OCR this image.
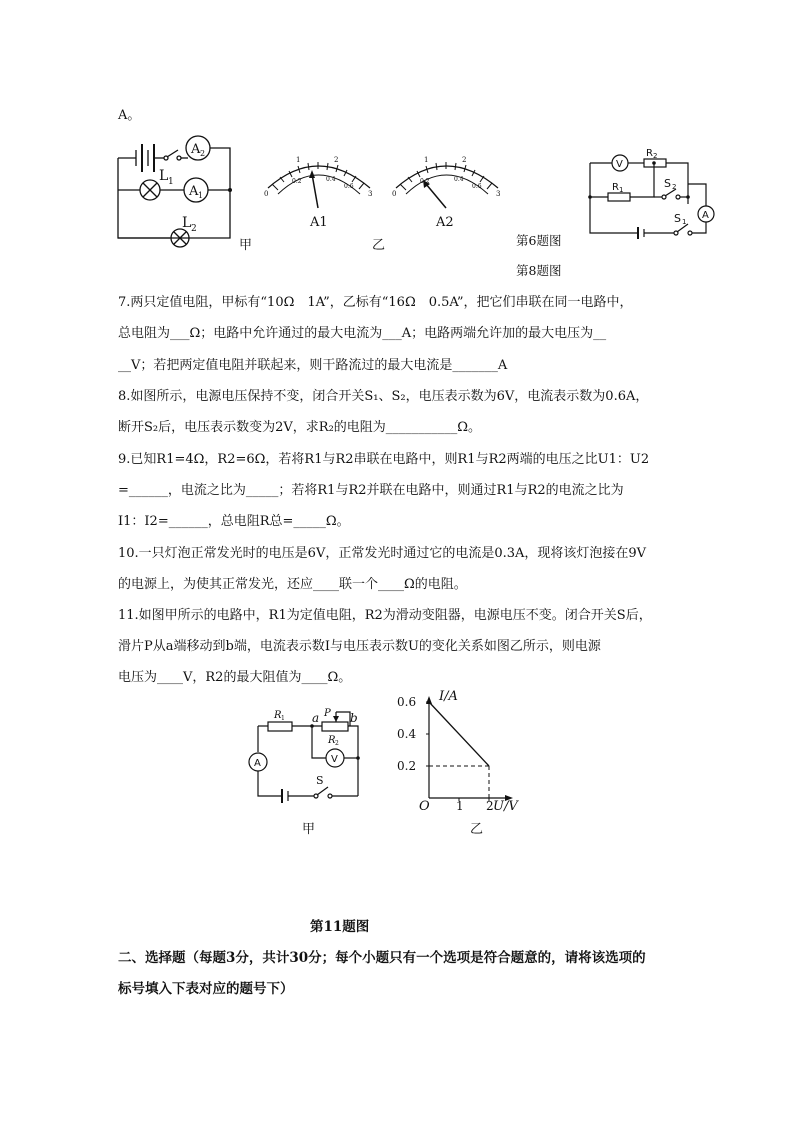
A。
A 2
A 1
L 1
L 2
甲
1	2
0.2	0.4
0.6
0	3
A1
乙
1	2
0.2	0.4
0.6
0	3
A2
V
R 2
R 1	S 2
S 1
A
第6题图
第8题图
7.两只定值电阻，甲标有“10Ω　1A”，乙标有“16Ω　0.5A”，把它们串联在同一电路中，
总电阻为___Ω；电路中允许通过的最大电流为___A；电路两端允许加的最大电压为__
__V；若把两定值电阻并联起来，则干路流过的最大电流是_______A
8.如图所示，电源电压保持不变，闭合开关S₁、S₂，电压表示数为6V，电流表示数为0.6A，
断开S₂后，电压表示数变为2V，求R₂的电阻为___________Ω。
9.已知R1=4Ω，R2=6Ω，若将R1与R2串联在电路中，则R1与R2两端的电压之比U1：U2
=______，电流之比为_____；若将R1与R2并联在电路中，则通过R1与R2的电流之比为
I1：I2=______，总电阻R总=_____Ω。
10.一只灯泡正常发光时的电压是6V，正常发光时通过它的电流是0.3A，现将该灯泡接在9V
的电源上，为使其正常发光，还应____联一个____Ω的电阻。
11.如图甲所示的电路中，R1为定值电阻，R2为滑动变阻器，电源电压不变。闭合开关S后，
滑片P从a端移动到b端，电流表示数I与电压表示数U的变化关系如图乙所示，则电源
电压为____V，R2的最大阻值为____Ω。
R 1 a P b
R 2
A	V
S
甲
0.2
0.4
0.6
1 2
I/A
U/V
O
乙
第11题图
二、选择题（每题3分，共计30分；每个小题只有一个选项是符合题意的，请将该选项的
标号填入下表对应的题号下）
